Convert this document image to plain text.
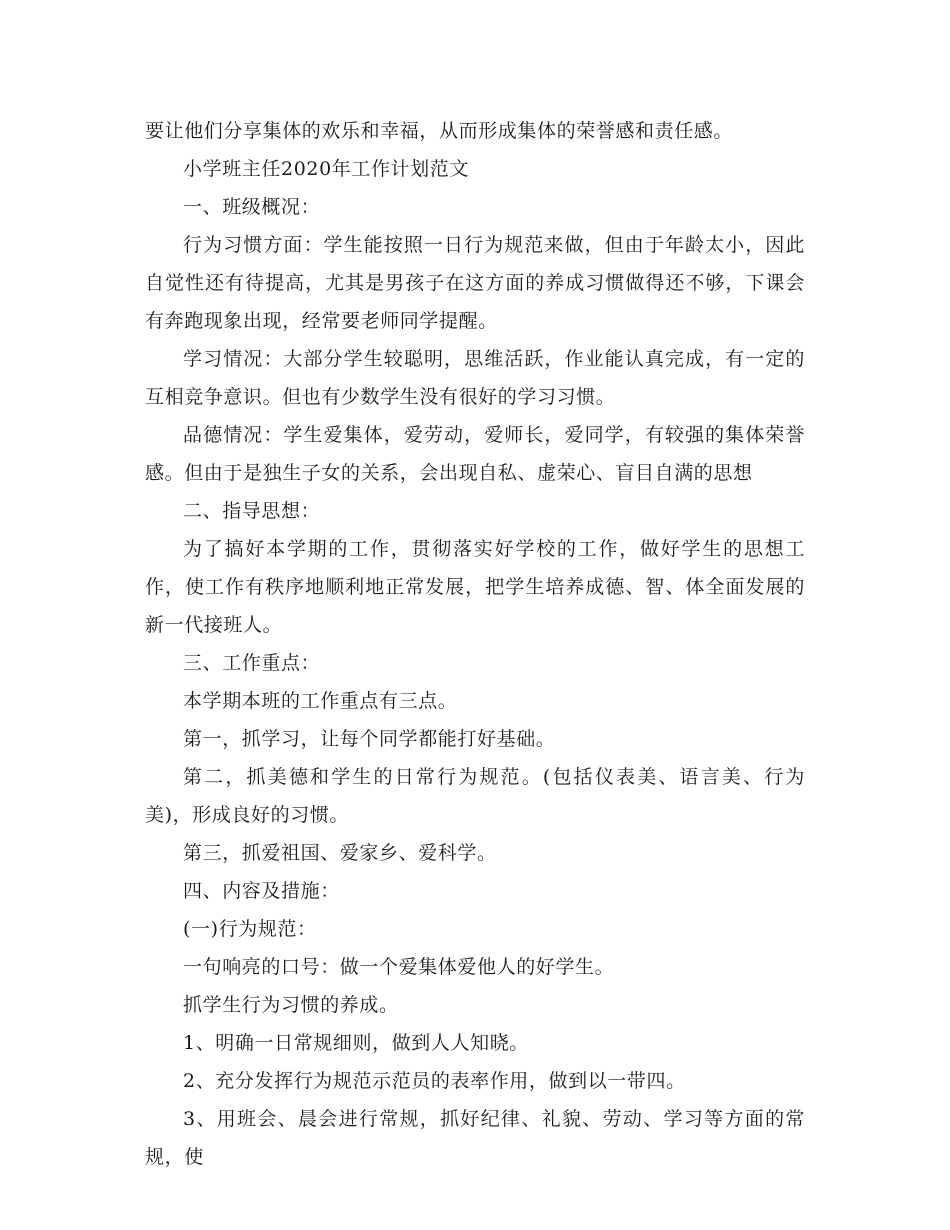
要让他们分享集体的欢乐和幸福，从而形成集体的荣誉感和责任感。

小学班主任2020年工作计划范文

一、班级概况：

行为习惯方面：学生能按照一日行为规范来做，但由于年龄太小，因此自觉性还有待提高，尤其是男孩子在这方面的养成习惯做得还不够，下课会有奔跑现象出现，经常要老师同学提醒。

学习情况：大部分学生较聪明，思维活跃，作业能认真完成，有一定的互相竞争意识。但也有少数学生没有很好的学习习惯。

品德情况：学生爱集体，爱劳动，爱师长，爱同学，有较强的集体荣誉感。但由于是独生子女的关系，会出现自私、虚荣心、盲目自满的思想

二、指导思想：

为了搞好本学期的工作，贯彻落实好学校的工作，做好学生的思想工作，使工作有秩序地顺利地正常发展，把学生培养成德、智、体全面发展的新一代接班人。

三、工作重点：

本学期本班的工作重点有三点。

第一，抓学习，让每个同学都能打好基础。

第二，抓美德和学生的日常行为规范。(包括仪表美、语言美、行为美)，形成良好的习惯。

第三，抓爱祖国、爱家乡、爱科学。

四、内容及措施：

(一)行为规范：

一句响亮的口号：做一个爱集体爱他人的好学生。

抓学生行为习惯的养成。

1、明确一日常规细则，做到人人知晓。

2、充分发挥行为规范示范员的表率作用，做到以一带四。

3、用班会、晨会进行常规，抓好纪律、礼貌、劳动、学习等方面的常规，使
